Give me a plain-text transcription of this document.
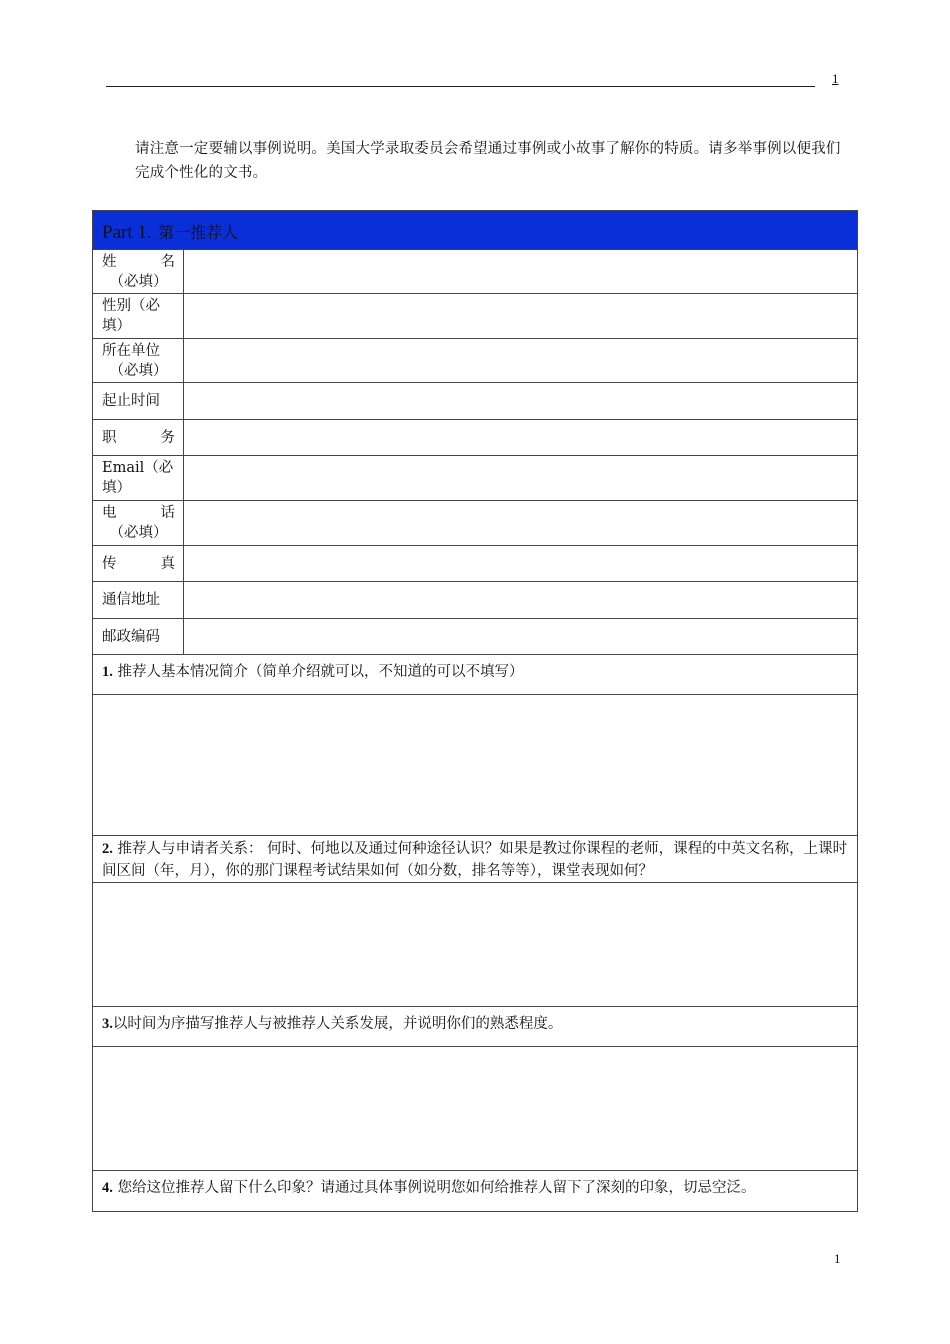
1
请注意一定要辅以事例说明。美国大学录取委员会希望通过事例或小故事了解你的特质。请多举事例以便我们完成个性化的文书。
Part 1. 第一推荐人	

姓 名
（必填）	

性别（必
填）	

所在单位
（必填）	

起止时间	

职 务	

Email（必
填）	

电 话
（必填）	

传 真	

通信地址	
邮政编码	
1. 推荐人基本情况简介（简单介绍就可以，不知道的可以不填写）	

2. 推荐人与申请者关系： 何时、何地以及通过何种途径认识？如果是教过你课程的老师，课程的中英文名称，上课时间区间（年，月），你的那门课程考试结果如何（如分数，排名等等），课堂表现如何？	

3.以时间为序描写推荐人与被推荐人关系发展，并说明你们的熟悉程度。	

4. 您给这位推荐人留下什么印象？请通过具体事例说明您如何给推荐人留下了深刻的印象，切忌空泛。	
1
